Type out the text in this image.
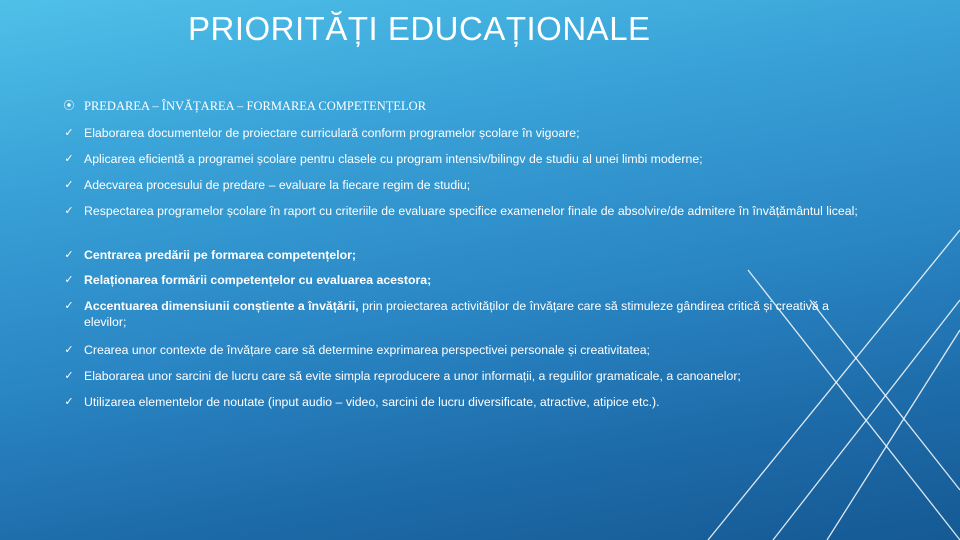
PRIORITĂȚI EDUCAȚIONALE
⦿ PREDAREA – ÎNVĂȚAREA – FORMAREA COMPETENȚELOR
✓ Elaborarea documentelor de proiectare curriculară conform programelor școlare în vigoare;
✓ Aplicarea eficientă a programei școlare pentru clasele cu program intensiv/bilingv de studiu al unei limbi moderne;
✓ Adecvarea procesului de predare – evaluare la fiecare regim de studiu;
✓ Respectarea programelor școlare în raport cu criteriile de evaluare specifice examenelor finale de absolvire/de admitere în învățământul liceal;
✓ Centrarea predării pe formarea competențelor;
✓ Relaționarea formării competențelor cu evaluarea acestora;
✓ Accentuarea dimensiunii conștiente a învățării, prin proiectarea activităților de învățare care să stimuleze gândirea critică și creativă a elevilor;
✓ Crearea unor contexte de învățare care să determine exprimarea perspectivei personale și creativitatea;
✓ Elaborarea unor sarcini de lucru care să evite simpla reproducere a unor informații, a regulilor gramaticale, a canoanelor;
✓ Utilizarea elementelor de noutate (input audio – video, sarcini de lucru diversificate, atractive, atipice etc.).
